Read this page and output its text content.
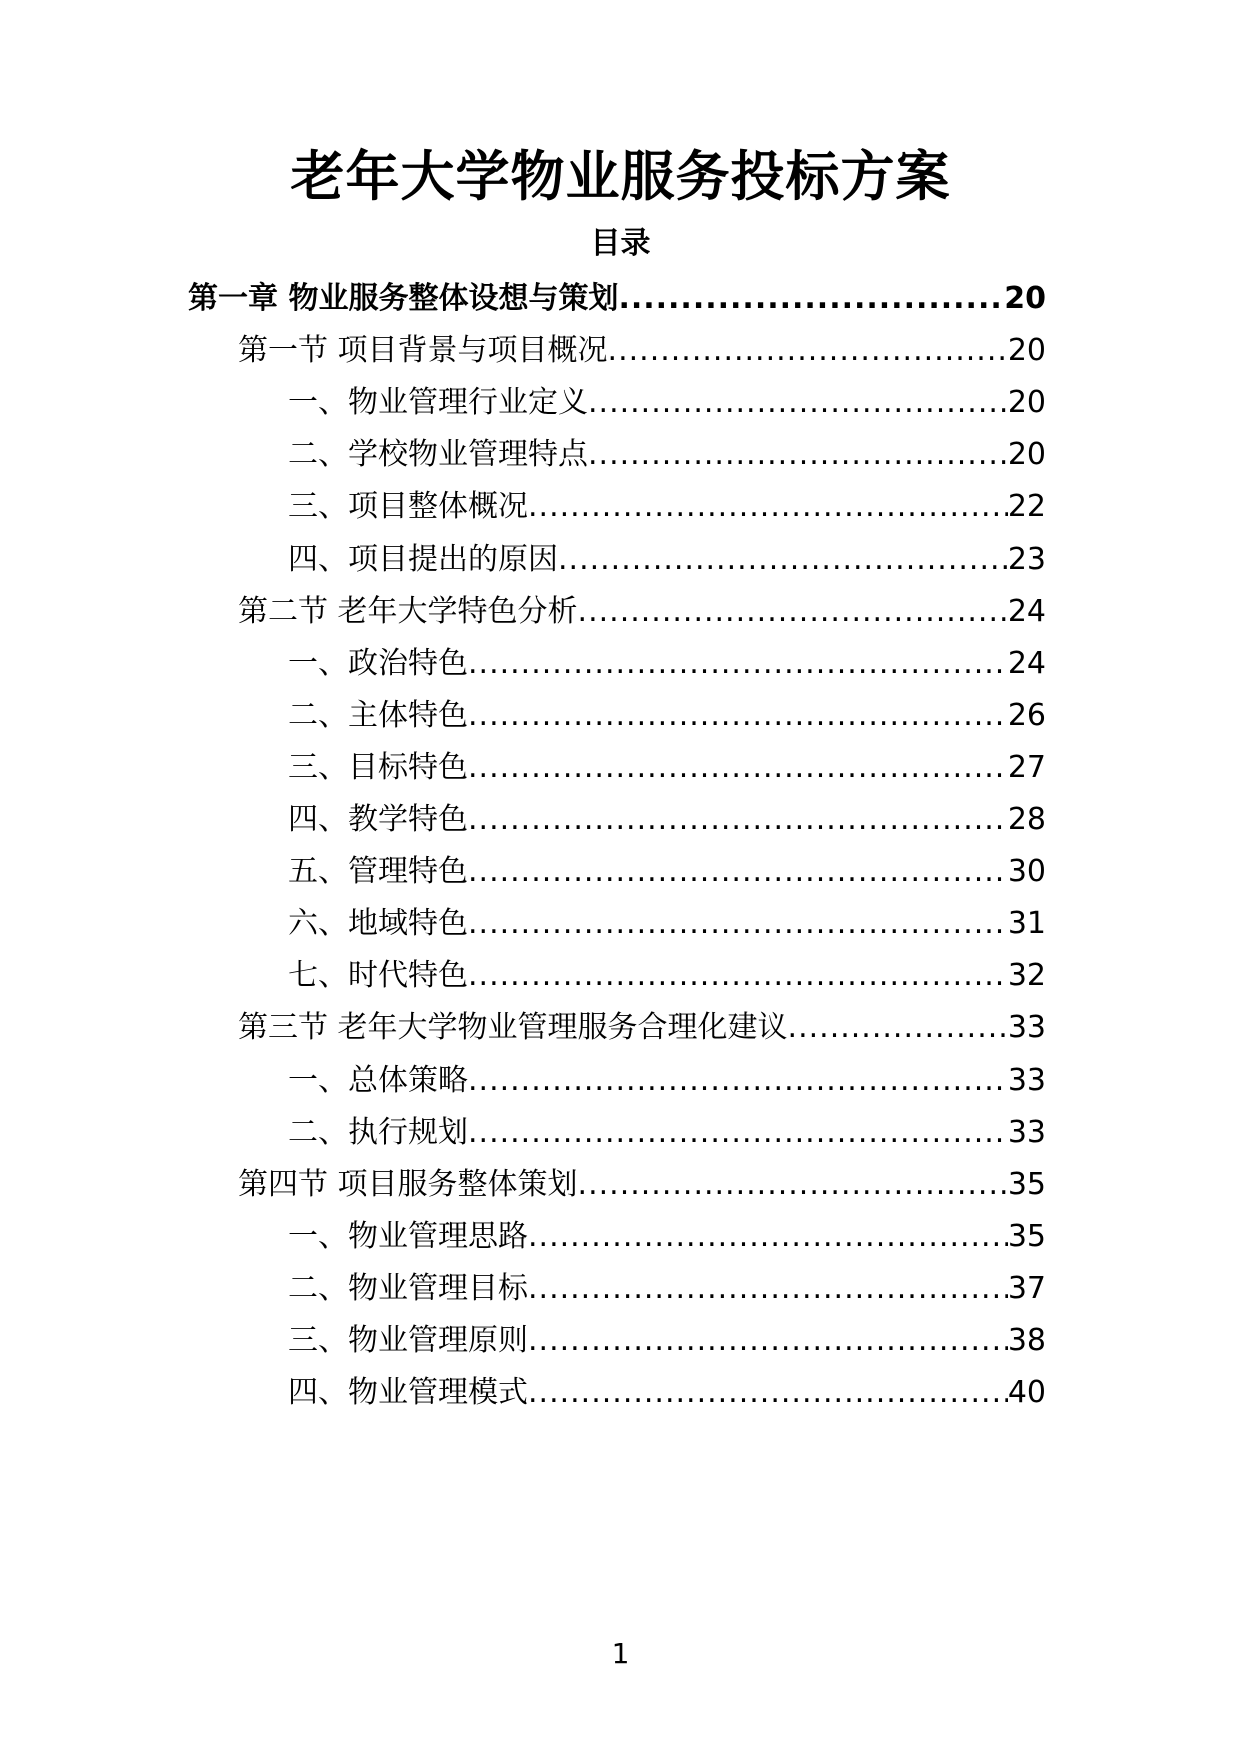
老年大学物业服务投标方案
目录
第一章 物业服务整体设想与策划 .....	20
第一节 项目背景与项目概况 .....	20
一、物业管理行业定义 .....	20
二、学校物业管理特点 .....	20
三、项目整体概况 .....	22
四、项目提出的原因 .....	23
第二节 老年大学特色分析 .....	24
一、政治特色 .....	24
二、主体特色 .....	26
三、目标特色 .....	27
四、教学特色 .....	28
五、管理特色 .....	30
六、地域特色 .....	31
七、时代特色 .....	32
第三节 老年大学物业管理服务合理化建议 .....	33
一、总体策略 .....	33
二、执行规划 .....	33
第四节 项目服务整体策划 .....	35
一、物业管理思路 .....	35
二、物业管理目标 .....	37
三、物业管理原则 .....	38
四、物业管理模式 .....	40
1
